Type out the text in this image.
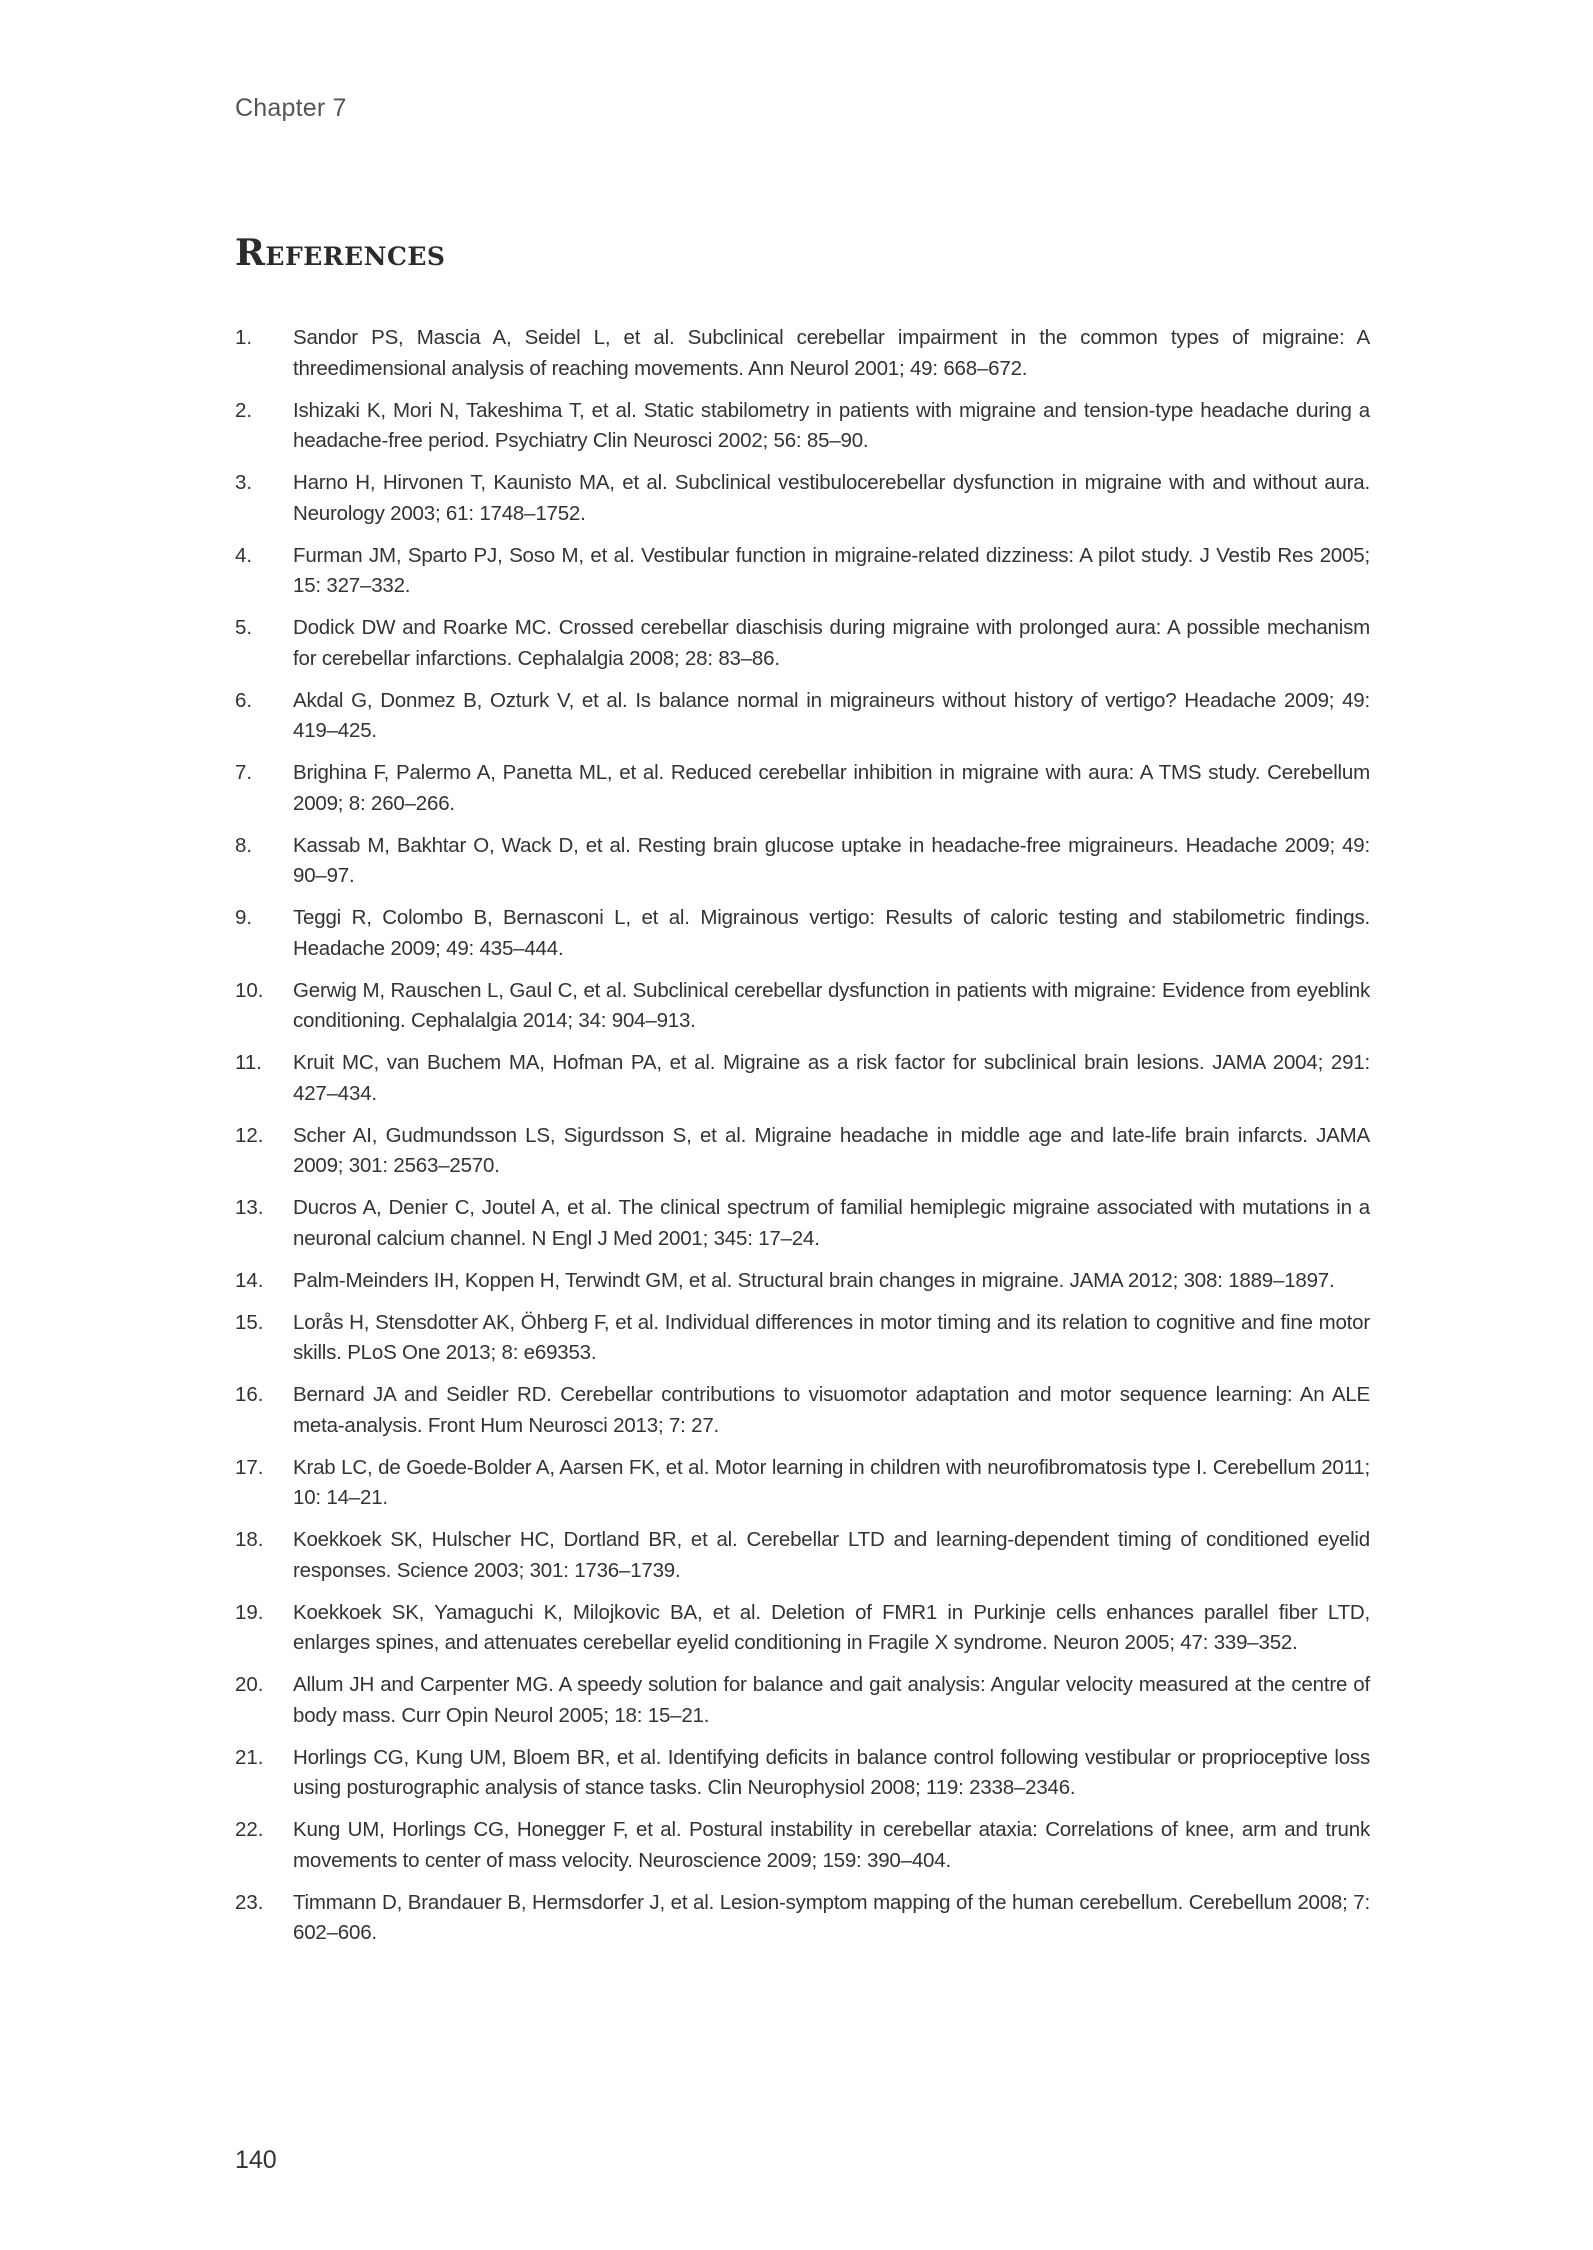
Chapter 7
References
1.	Sandor PS, Mascia A, Seidel L, et al. Subclinical cerebellar impairment in the common types of migraine: A threedimensional analysis of reaching movements. Ann Neurol 2001; 49: 668–672.
2.	Ishizaki K, Mori N, Takeshima T, et al. Static stabilometry in patients with migraine and tension-type headache during a headache-free period. Psychiatry Clin Neurosci 2002; 56: 85–90.
3.	Harno H, Hirvonen T, Kaunisto MA, et al. Subclinical vestibulocerebellar dysfunction in migraine with and without aura. Neurology 2003; 61: 1748–1752.
4.	Furman JM, Sparto PJ, Soso M, et al. Vestibular function in migraine-related dizziness: A pilot study. J Vestib Res 2005; 15: 327–332.
5.	Dodick DW and Roarke MC. Crossed cerebellar diaschisis during migraine with prolonged aura: A possible mechanism for cerebellar infarctions. Cephalalgia 2008; 28: 83–86.
6.	Akdal G, Donmez B, Ozturk V, et al. Is balance normal in migraineurs without history of vertigo? Headache 2009; 49: 419–425.
7.	Brighina F, Palermo A, Panetta ML, et al. Reduced cerebellar inhibition in migraine with aura: A TMS study. Cerebellum 2009; 8: 260–266.
8.	Kassab M, Bakhtar O, Wack D, et al. Resting brain glucose uptake in headache-free migraineurs. Headache 2009; 49: 90–97.
9.	Teggi R, Colombo B, Bernasconi L, et al. Migrainous vertigo: Results of caloric testing and stabilometric findings. Headache 2009; 49: 435–444.
10.	Gerwig M, Rauschen L, Gaul C, et al. Subclinical cerebellar dysfunction in patients with migraine: Evidence from eyeblink conditioning. Cephalalgia 2014; 34: 904–913.
11.	Kruit MC, van Buchem MA, Hofman PA, et al. Migraine as a risk factor for subclinical brain lesions. JAMA 2004; 291: 427–434.
12.	Scher AI, Gudmundsson LS, Sigurdsson S, et al. Migraine headache in middle age and late-life brain infarcts. JAMA 2009; 301: 2563–2570.
13.	Ducros A, Denier C, Joutel A, et al. The clinical spectrum of familial hemiplegic migraine associated with mutations in a neuronal calcium channel. N Engl J Med 2001; 345: 17–24.
14.	Palm-Meinders IH, Koppen H, Terwindt GM, et al. Structural brain changes in migraine. JAMA 2012; 308: 1889–1897.
15.	Lorås H, Stensdotter AK, Öhberg F, et al. Individual differences in motor timing and its relation to cognitive and fine motor skills. PLoS One 2013; 8: e69353.
16.	Bernard JA and Seidler RD. Cerebellar contributions to visuomotor adaptation and motor sequence learning: An ALE meta-analysis. Front Hum Neurosci 2013; 7: 27.
17.	Krab LC, de Goede-Bolder A, Aarsen FK, et al. Motor learning in children with neurofibromatosis type I. Cerebellum 2011; 10: 14–21.
18.	Koekkoek SK, Hulscher HC, Dortland BR, et al. Cerebellar LTD and learning-dependent timing of conditioned eyelid responses. Science 2003; 301: 1736–1739.
19.	Koekkoek SK, Yamaguchi K, Milojkovic BA, et al. Deletion of FMR1 in Purkinje cells enhances parallel fiber LTD, enlarges spines, and attenuates cerebellar eyelid conditioning in Fragile X syndrome. Neuron 2005; 47: 339–352.
20.	Allum JH and Carpenter MG. A speedy solution for balance and gait analysis: Angular velocity measured at the centre of body mass. Curr Opin Neurol 2005; 18: 15–21.
21.	Horlings CG, Kung UM, Bloem BR, et al. Identifying deficits in balance control following vestibular or proprioceptive loss using posturographic analysis of stance tasks. Clin Neurophysiol 2008; 119: 2338–2346.
22.	Kung UM, Horlings CG, Honegger F, et al. Postural instability in cerebellar ataxia: Correlations of knee, arm and trunk movements to center of mass velocity. Neuroscience 2009; 159: 390–404.
23.	Timmann D, Brandauer B, Hermsdorfer J, et al. Lesion-symptom mapping of the human cerebellum. Cerebellum 2008; 7: 602–606.
140
